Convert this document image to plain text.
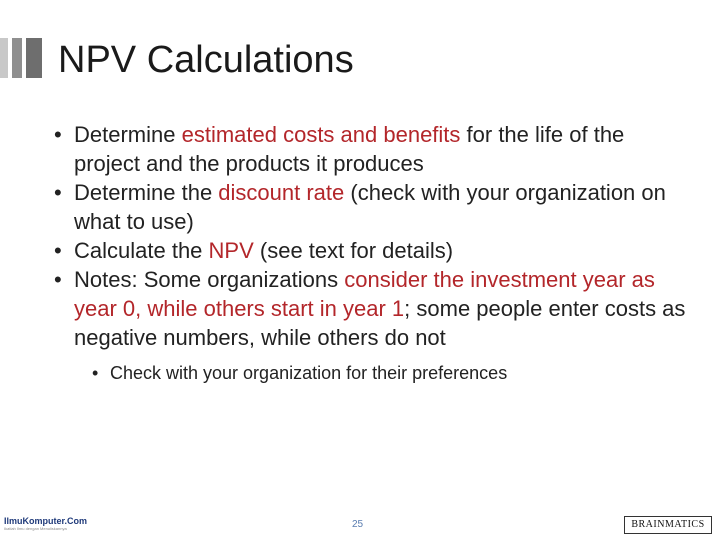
NPV Calculations
• Determine estimated costs and benefits for the life of the project and the products it produces
• Determine the discount rate (check with your organization on what to use)
• Calculate the NPV (see text for details)
• Notes: Some organizations consider the investment year as year 0, while others start in year 1; some people enter costs as negative numbers, while others do not
• Check with your organization for their preferences
IlmuKomputer.Com
Ikatlah Ilmu dengan Menuliskannya	25	BRAINMATICS
